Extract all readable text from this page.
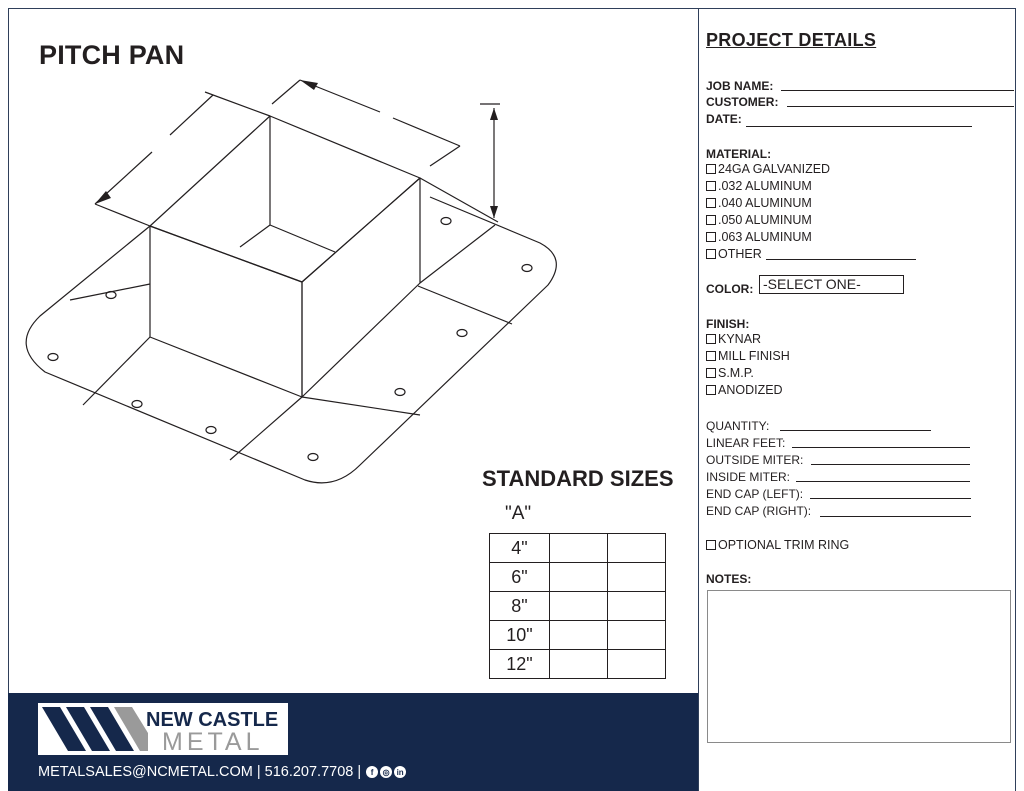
PITCH PAN
STANDARD SIZES
"A"
4"		
6"		
8"		
10"		
12"		
PROJECT DETAILS
JOB NAME:
CUSTOMER:
DATE:
MATERIAL:
24GA GALVANIZED
.032 ALUMINUM
.040 ALUMINUM
.050 ALUMINUM
.063 ALUMINUM
OTHER
COLOR: -SELECT ONE-
FINISH:
KYNAR
MILL FINISH
S.M.P.
ANODIZED
QUANTITY:
LINEAR FEET:
OUTSIDE MITER:
INSIDE MITER:
END CAP (LEFT):
END CAP (RIGHT):
OPTIONAL TRIM RING
NOTES:
NEW CASTLE
METAL
METALSALES@NCMETAL.COM | 516.207.7708 |	f	◎ in
